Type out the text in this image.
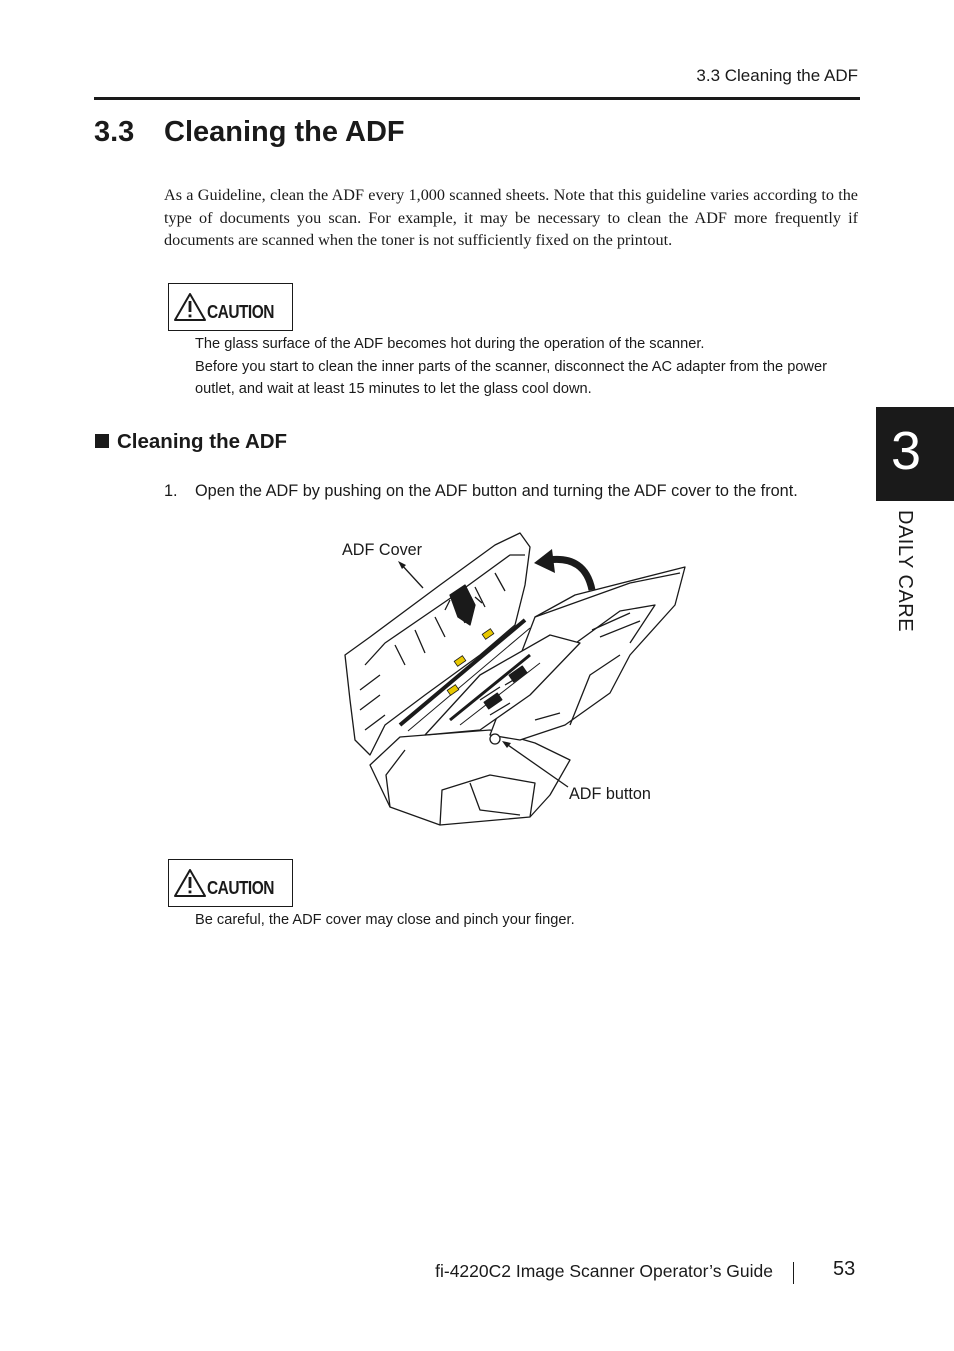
3.3 Cleaning the ADF
3.3 Cleaning the ADF

As a Guideline, clean the ADF every 1,000 scanned sheets. Note that this guideline varies according to the type of documents you scan. For example, it may be necessary to clean the ADF more frequently if documents are scanned when the toner is not sufficiently fixed on the printout.

CAUTION

The glass surface of the ADF becomes hot during the operation of the scanner.
Before you start to clean the inner parts of the scanner, disconnect the AC adapter from the power outlet, and wait at least 15 minutes to let the glass cool down.

Cleaning the ADF
1. Open the ADF by pushing on the ADF button and turning the ADF cover to the front.
ADF Cover
ADF button
CAUTION

Be careful, the ADF cover may close and pinch your finger.

3
DAILY CARE
fi-4220C2 Image Scanner Operator’s Guide	53
